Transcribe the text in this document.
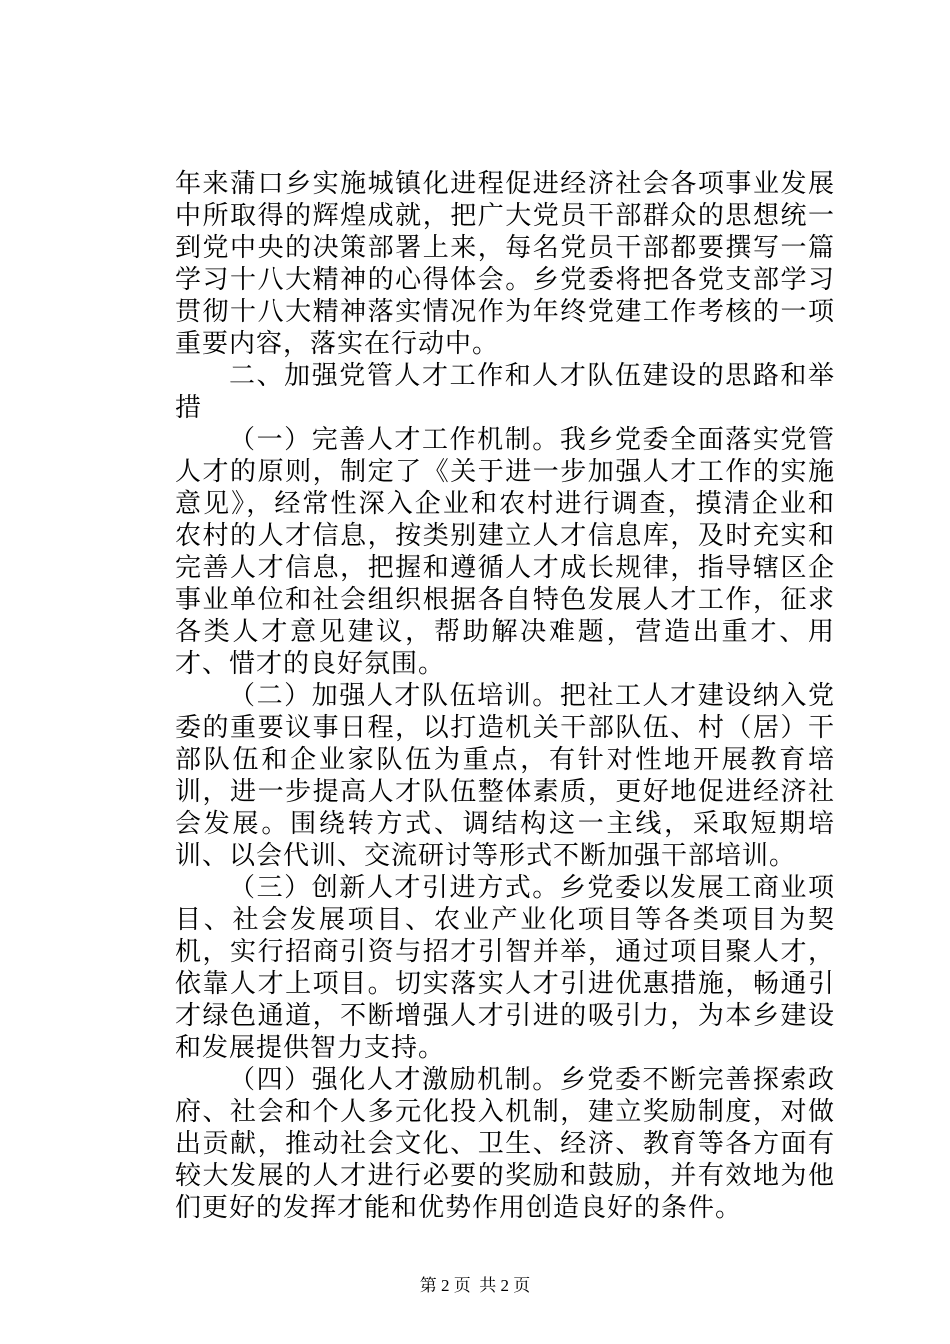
年来蒲口乡实施城镇化进程促进经济社会各项事业发展中所取得的辉煌成就，把广大党员干部群众的思想统一到党中央的决策部署上来，每名党员干部都要撰写一篇学习十八大精神的心得体会。乡党委将把各党支部学习贯彻十八大精神落实情况作为年终党建工作考核的一项重要内容，落实在行动中。

二、加强党管人才工作和人才队伍建设的思路和举措

（一）完善人才工作机制。我乡党委全面落实党管人才的原则，制定了《关于进一步加强人才工作的实施意见》，经常性深入企业和农村进行调查，摸清企业和农村的人才信息，按类别建立人才信息库，及时充实和完善人才信息，把握和遵循人才成长规律，指导辖区企事业单位和社会组织根据各自特色发展人才工作，征求各类人才意见建议，帮助解决难题，营造出重才、用才、惜才的良好氛围。

（二）加强人才队伍培训。把社工人才建设纳入党委的重要议事日程，以打造机关干部队伍、村（居）干部队伍和企业家队伍为重点，有针对性地开展教育培训，进一步提高人才队伍整体素质，更好地促进经济社会发展。围绕转方式、调结构这一主线，采取短期培训、以会代训、交流研讨等形式不断加强干部培训。

（三）创新人才引进方式。乡党委以发展工商业项目、社会发展项目、农业产业化项目等各类项目为契机，实行招商引资与招才引智并举，通过项目聚人才，依靠人才上项目。切实落实人才引进优惠措施，畅通引才绿色通道，不断增强人才引进的吸引力，为本乡建设和发展提供智力支持。

（四）强化人才激励机制。乡党委不断完善探索政府、社会和个人多元化投入机制，建立奖励制度，对做出贡献，推动社会文化、卫生、经济、教育等各方面有较大发展的人才进行必要的奖励和鼓励，并有效地为他们更好的发挥才能和优势作用创造良好的条件。

第 2 页  共 2 页
